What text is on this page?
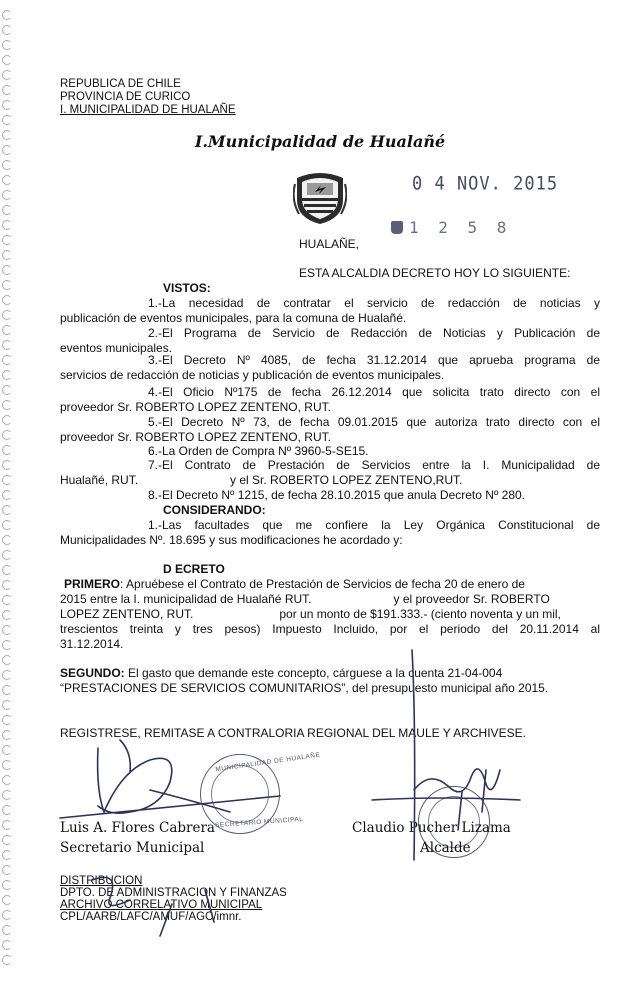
REPUBLICA DE CHILE
PROVINCIA DE CURICO
I. MUNICIPALIDAD DE HUALAÑE
I.Municipalidad de Hualañé
0 4 NOV. 2015
1 2 5 8
HUALAÑE,
ESTA ALCALDIA DECRETO HOY LO SIGUIENTE:
VISTOS:
1.-La necesidad de contratar el servicio de redacción de noticias y
publicación de eventos municipales, para la comuna de Hualañé.
2.-El Programa de Servicio de Redacción de Noticias y Publicación de
eventos municipales.
3.-El Decreto Nº 4085, de fecha 31.12.2014 que aprueba programa de
servicios de redacción de noticias y publicación de eventos municipales.
4.-El Oficio Nº175 de fecha 26.12.2014 que solicita trato directo con el
proveedor Sr. ROBERTO LOPEZ ZENTENO, RUT.
5.-El Decreto Nº 73, de fecha 09.01.2015 que autoriza trato directo con el
proveedor Sr. ROBERTO LOPEZ ZENTENO, RUT.
6.-La Orden de Compra Nº 3960-5-SE15.
7.-El Contrato de Prestación de Servicios entre la I. Municipalidad de
Hualañé, RUT.	y el Sr. ROBERTO LOPEZ ZENTENO,RUT.
8.-El Decreto Nº 1215, de fecha 28.10.2015 que anula Decreto Nº 280.
CONSIDERANDO:
1.-Las facultades que me confiere la Ley Orgánica Constitucional de
Municipalidades Nº. 18.695 y sus modificaciones he acordado y:
D ECRETO
PRIMERO: Apruébese el Contrato de Prestación de Servicios de fecha 20 de enero de
2015 entre la I. municipalidad de Hualañé RUT.	y el proveedor Sr. ROBERTO
LOPEZ ZENTENO, RUT.	por un monto de $191.333.- (ciento noventa y un mil,
trescientos treinta y tres pesos) Impuesto Incluido, por el periodo del 20.11.2014 al
31.12.2014.
SEGUNDO: El gasto que demande este concepto, cárguese a la cuenta 21-04-004
“PRESTACIONES DE SERVICIOS COMUNITARIOS”, del presupuesto municipal año 2015.
REGISTRESE, REMITASE A CONTRALORIA REGIONAL DEL MAULE Y ARCHIVESE.
MUNICIPALIDAD DE HUALAÑE
SECRETARIO MUNICIPAL
Luis A. Flores Cabrera
Secretario Municipal
Claudio Pucher Lizama
Alcalde
DISTRIBUCION
DPTO. DE ADMINISTRACION Y FINANZAS
ARCHIVO CORRELATIVO MUNICIPAL
CPL/AARB/LAFC/AMUF/AGC/imnr.
